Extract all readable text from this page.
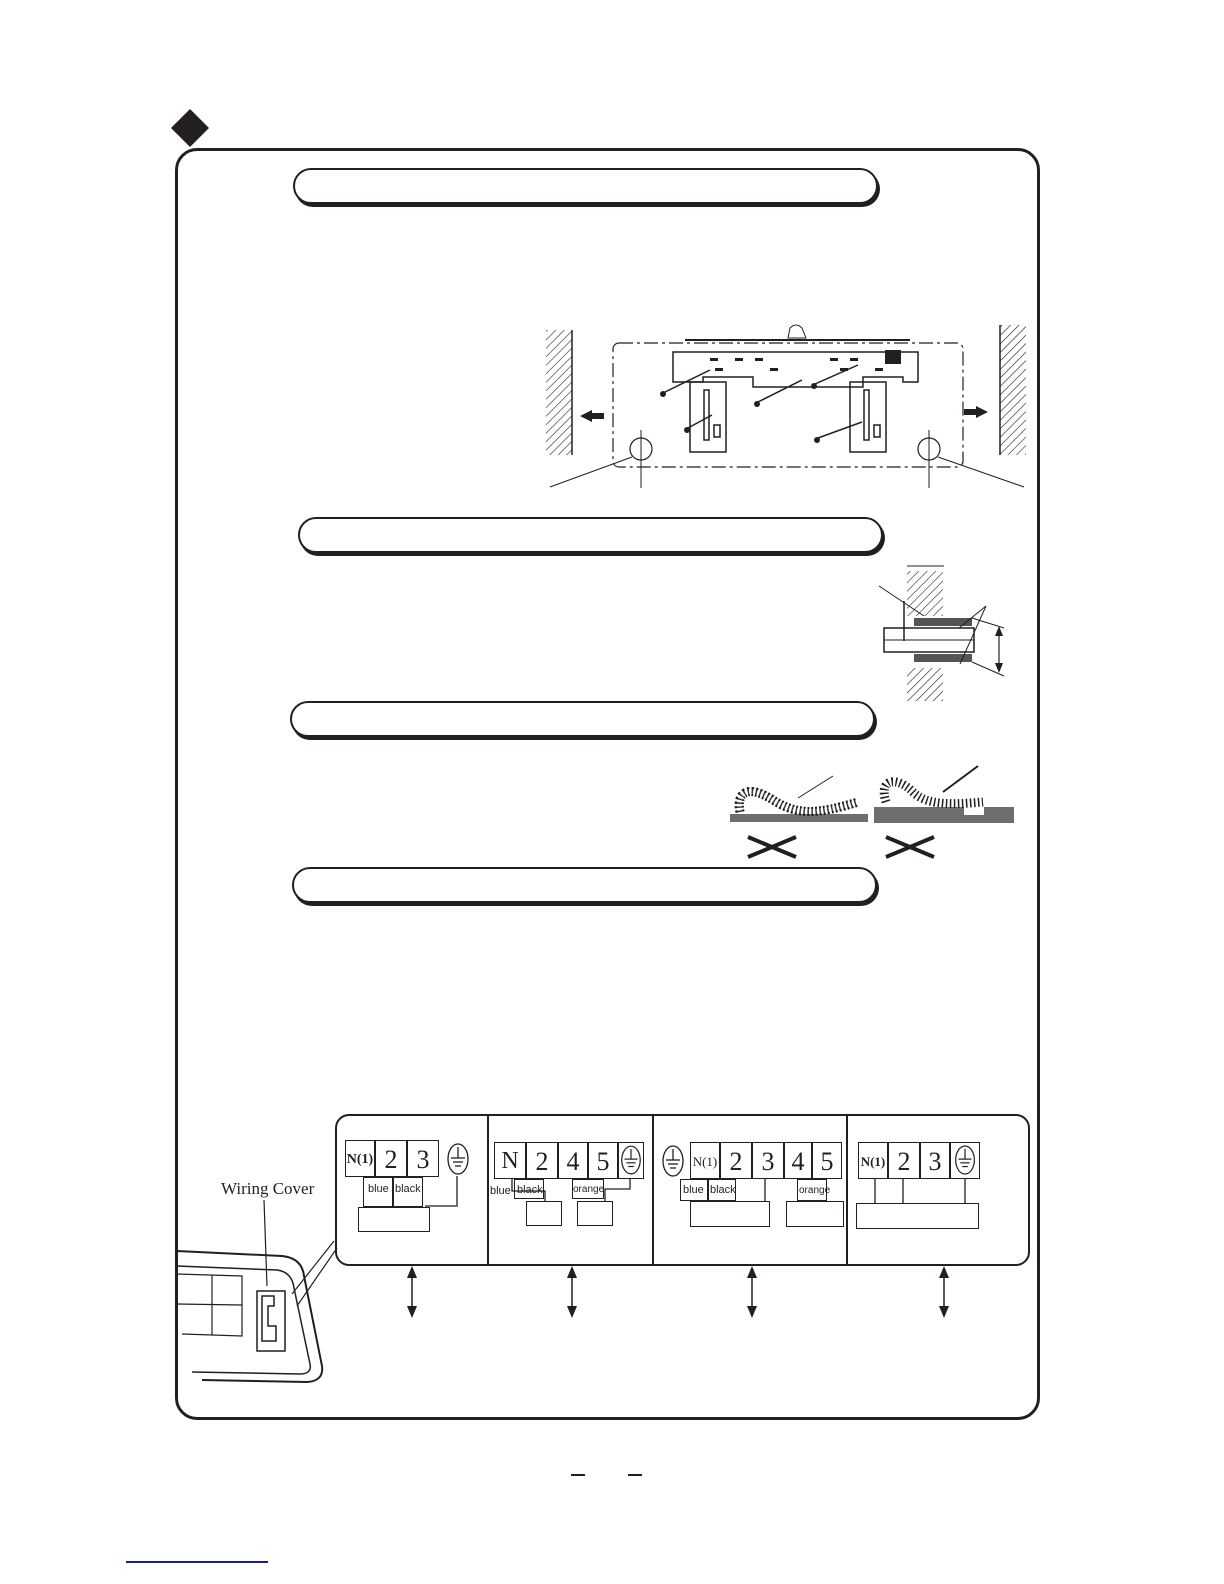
Wiring Cover
N(1) 2 3
blue black
N 2 4 5
blue black	orange
N(1) 2 3 4 5
blue black	orange
N(1) 2 3
